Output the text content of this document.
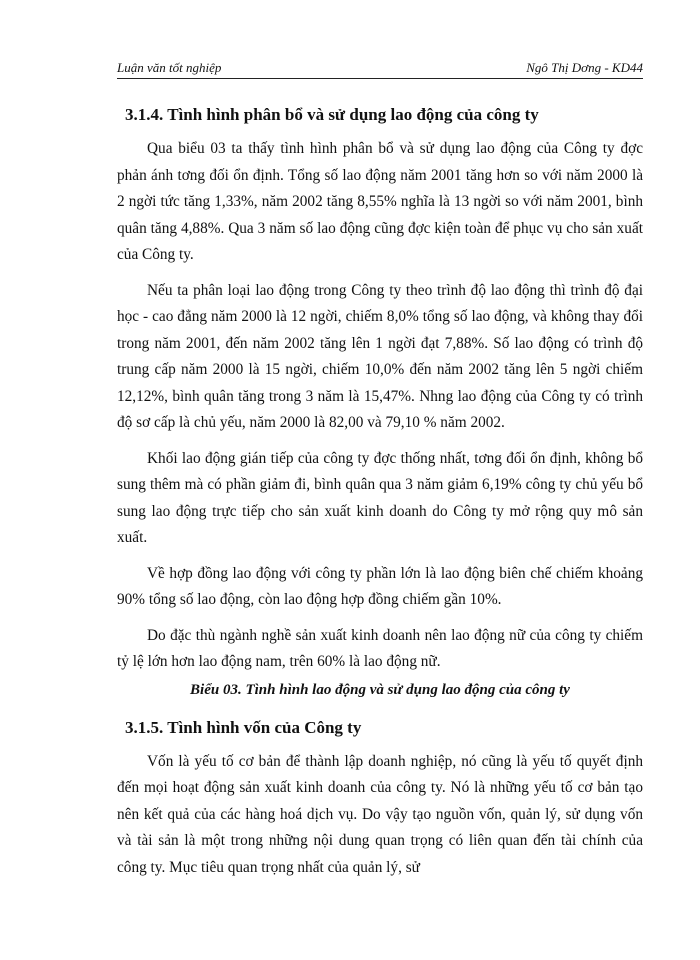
Luận văn tốt nghiệp	Ngô Thị Dơng - KD44
3.1.4. Tình hình phân bổ và sử dụng lao động của công ty

Qua biểu 03 ta thấy tình hình phân bổ và sử dụng lao động của Công ty đợc phản ánh tơng đối ổn định. Tổng số lao động năm 2001 tăng hơn so với năm 2000 là 2 ngời tức tăng 1,33%, năm 2002 tăng 8,55% nghĩa là 13 ngời so với năm 2001, bình quân tăng 4,88%. Qua 3 năm số lao động cũng đợc kiện toàn để phục vụ cho sản xuất của Công ty.

Nếu ta phân loại lao động trong Công ty theo trình độ lao động thì trình độ đại học - cao đẳng năm 2000 là 12 ngời, chiếm 8,0% tổng số lao động, và không thay đổi trong năm 2001, đến năm 2002 tăng lên 1 ngời đạt 7,88%. Số lao động có trình độ trung cấp năm 2000 là 15 ngời, chiếm 10,0% đến năm 2002 tăng lên 5 ngời chiếm 12,12%, bình quân tăng trong 3 năm là 15,47%. Nhng lao động của Công ty có trình độ sơ cấp là chủ yếu, năm 2000 là 82,00 và 79,10 % năm 2002.

Khối lao động gián tiếp của công ty đợc thống nhất, tơng đối ổn định, không bổ sung thêm mà có phần giảm đi, bình quân qua 3 năm giảm 6,19% công ty chủ yếu bổ sung lao động trực tiếp cho sản xuất kinh doanh do Công ty mở rộng quy mô sản xuất.

Về hợp đồng lao động với công ty phần lớn là lao động biên chế chiếm khoảng 90% tổng số lao động, còn lao động hợp đồng chiếm gần 10%.

Do đặc thù ngành nghề sản xuất kinh doanh nên lao động nữ của công ty chiếm tỷ lệ lớn hơn lao động nam, trên 60% là lao động nữ.

Biểu 03. Tình hình lao động và sử dụng lao động của công ty
3.1.5. Tình hình vốn của Công ty

Vốn là yếu tố cơ bản để thành lập doanh nghiệp, nó cũng là yếu tố quyết định đến mọi hoạt động sản xuất kinh doanh của công ty. Nó là những yếu tố cơ bản tạo nên kết quả của các hàng hoá dịch vụ. Do vậy tạo nguồn vốn, quản lý, sử dụng vốn và tài sản là một trong những nội dung quan trọng có liên quan đến tài chính của công ty. Mục tiêu quan trọng nhất của quản lý, sử
